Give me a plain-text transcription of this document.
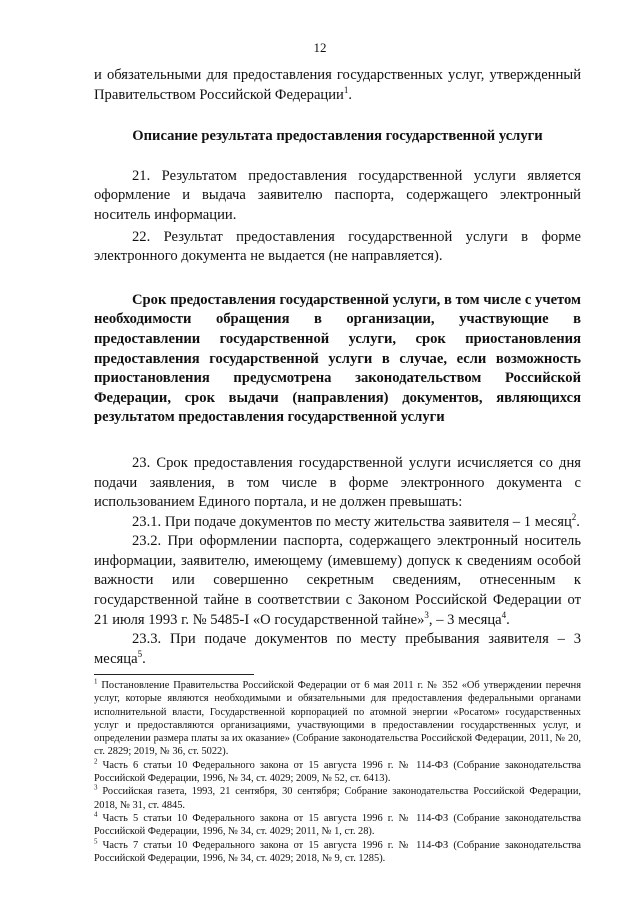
12

и обязательными для предоставления государственных услуг, утвержденный Правительством Российской Федерации$^1$.

Описание результата предоставления государственной услуги

21. Результатом предоставления государственной услуги является оформление и выдача заявителю паспорта, содержащего электронный носитель информации.

22. Результат предоставления государственной услуги в форме электронного документа не выдается (не направляется).

Срок предоставления государственной услуги, в том числе с учетом необходимости обращения в организации, участвующие в предоставлении государственной услуги, срок приостановления предоставления государственной услуги в случае, если возможность приостановления предусмотрена законодательством Российской Федерации, срок выдачи (направления) документов, являющихся результатом предоставления государственной услуги

23. Срок предоставления государственной услуги исчисляется со дня подачи заявления, в том числе в форме электронного документа с использованием Единого портала, и не должен превышать:

23.1. При подаче документов по месту жительства заявителя – 1 месяц$^2$.

23.2. При оформлении паспорта, содержащего электронный носитель информации, заявителю, имеющему (имевшему) допуск к сведениям особой важности или совершенно секретным сведениям, отнесенным к государственной тайне в соответствии с Законом Российской Федерации от 21 июля 1993 г. № 5485-I «О государственной тайне»$^3$, – 3 месяца$^4$.

23.3. При подаче документов по месту пребывания заявителя – 3 месяца$^5$.

$^1$ Постановление Правительства Российской Федерации от 6 мая 2011 г. № 352 «Об утверждении перечня услуг, которые являются необходимыми и обязательными для предоставления федеральными органами исполнительной власти, Государственной корпорацией по атомной энергии «Росатом» государственных услуг и предоставляются организациями, участвующими в предоставлении государственных услуг, и определении размера платы за их оказание» (Собрание законодательства Российской Федерации, 2011, № 20, ст. 2829; 2019, № 36, ст. 5022).

$^2$ Часть 6 статьи 10 Федерального закона от 15 августа 1996 г. № 114-ФЗ (Собрание законодательства Российской Федерации, 1996, № 34, ст. 4029; 2009, № 52, ст. 6413).

$^3$ Российская газета, 1993, 21 сентября, 30 сентября; Собрание законодательства Российской Федерации, 2018, № 31, ст. 4845.

$^4$ Часть 5 статьи 10 Федерального закона от 15 августа 1996 г. № 114-ФЗ (Собрание законодательства Российской Федерации, 1996, № 34, ст. 4029; 2011, № 1, ст. 28).

$^5$ Часть 7 статьи 10 Федерального закона от 15 августа 1996 г. № 114-ФЗ (Собрание законодательства Российской Федерации, 1996, № 34, ст. 4029; 2018, № 9, ст. 1285).
